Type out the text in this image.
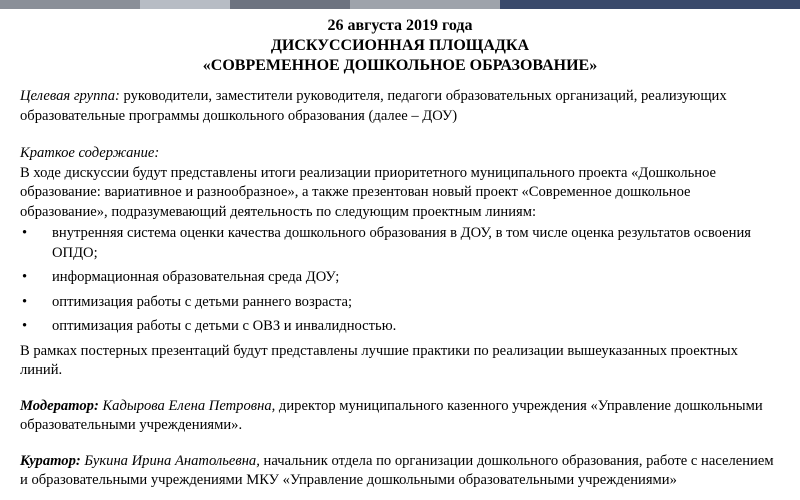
26 августа 2019 года
ДИСКУССИОННАЯ ПЛОЩАДКА
«СОВРЕМЕННОЕ ДОШКОЛЬНОЕ ОБРАЗОВАНИЕ»

Целевая группа: руководители, заместители руководителя, педагоги образовательных организаций, реализующих образовательные программы дошкольного образования (далее – ДОУ)

Краткое содержание:

В ходе дискуссии будут представлены итоги реализации приоритетного муниципального проекта «Дошкольное образование: вариативное и разнообразное», а также презентован новый проект «Современное дошкольное образование», подразумевающий деятельность по следующим проектным линиям:

• внутренняя система оценки качества дошкольного образования в ДОУ, в том числе оценка результатов освоения ОПДО;
• информационная образовательная среда ДОУ;
• оптимизация работы с детьми раннего возраста;
• оптимизация работы с детьми с ОВЗ и инвалидностью.

В рамках постерных презентаций будут представлены лучшие практики по реализации вышеуказанных проектных линий.

Модератор: Кадырова Елена Петровна, директор муниципального казенного учреждения «Управление дошкольными образовательными учреждениями».

Куратор: Букина Ирина Анатольевна, начальник отдела по организации дошкольного образования, работе с населением и образовательными учреждениями МКУ «Управление дошкольными образовательными учреждениями»
